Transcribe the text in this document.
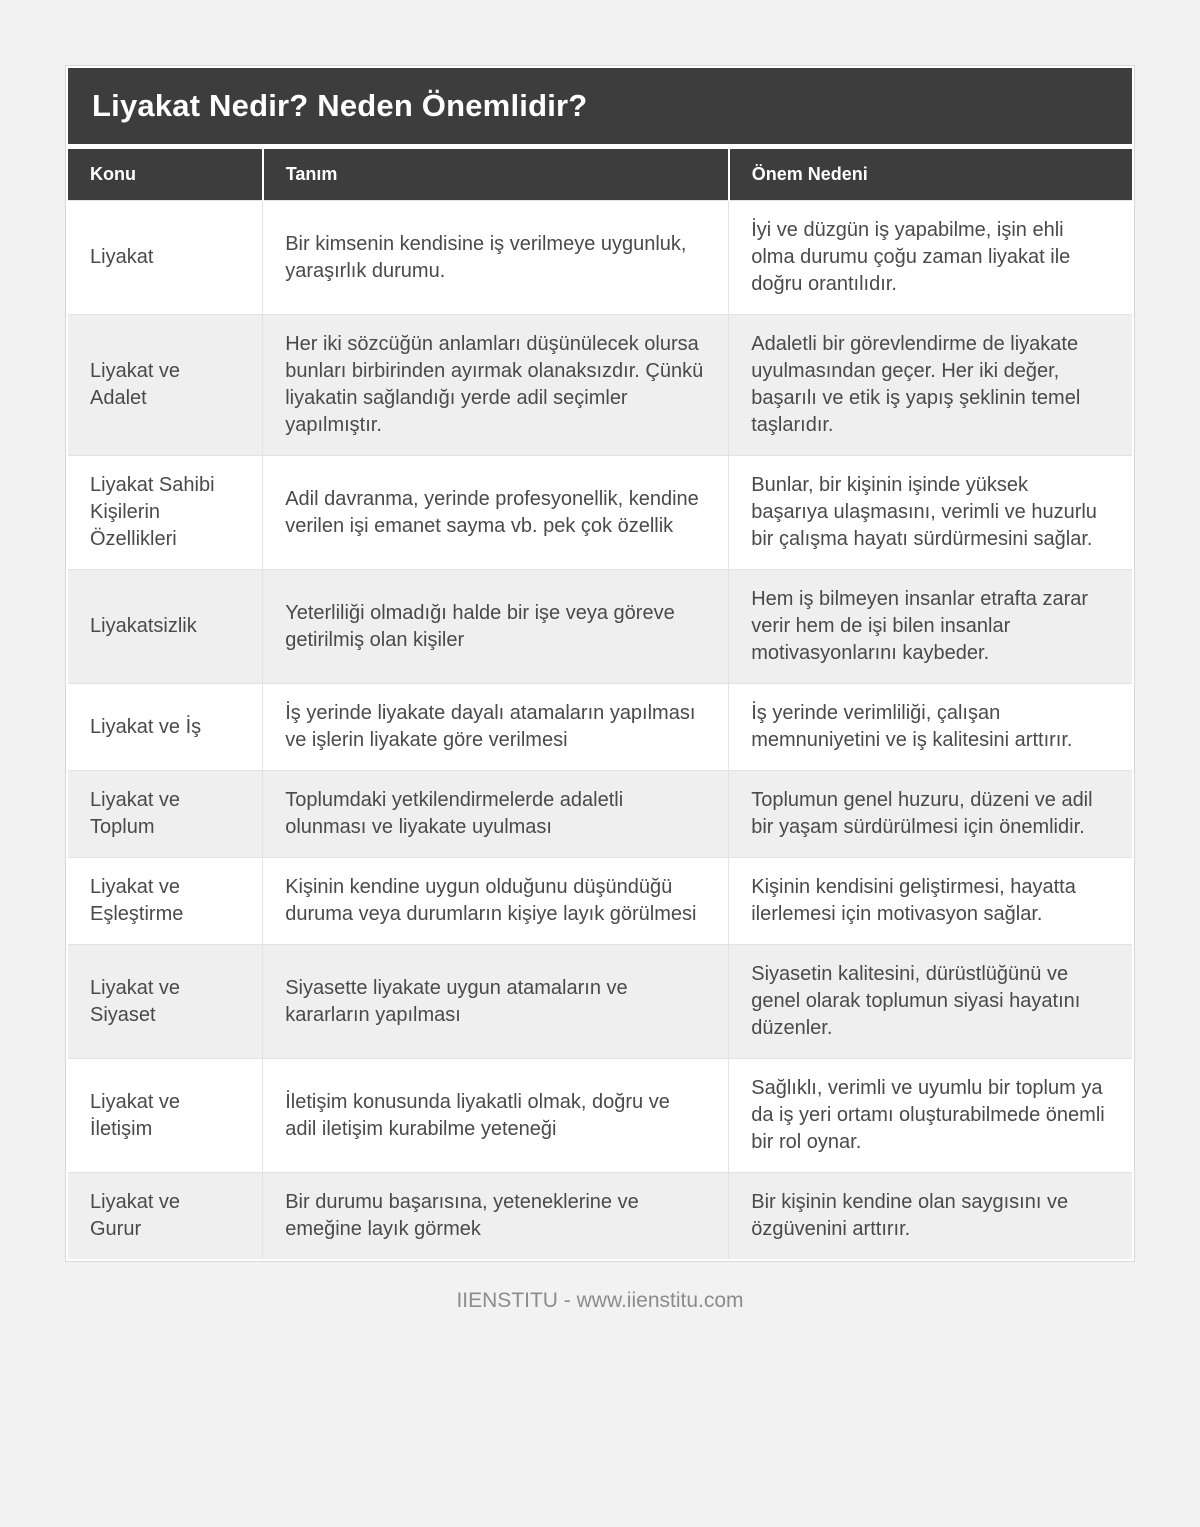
Liyakat Nedir? Neden Önemlidir?
Konu	Tanım	Önem Nedeni
Liyakat	Bir kimsenin kendisine iş verilmeye uygunluk, yaraşırlık durumu.	İyi ve düzgün iş yapabilme, işin ehli olma durumu çoğu zaman liyakat ile doğru orantılıdır.
Liyakat ve Adalet	Her iki sözcüğün anlamları düşünülecek olursa bunları birbirinden ayırmak olanaksızdır. Çünkü liyakatin sağlandığı yerde adil seçimler yapılmıştır.	Adaletli bir görevlendirme de liyakate uyulmasından geçer. Her iki değer, başarılı ve etik iş yapış şeklinin temel taşlarıdır.
Liyakat Sahibi Kişilerin Özellikleri	Adil davranma, yerinde profesyonellik, kendine verilen işi emanet sayma vb. pek çok özellik	Bunlar, bir kişinin işinde yüksek başarıya ulaşmasını, verimli ve huzurlu bir çalışma hayatı sürdürmesini sağlar.
Liyakatsizlik	Yeterliliği olmadığı halde bir işe veya göreve getirilmiş olan kişiler	Hem iş bilmeyen insanlar etrafta zarar verir hem de işi bilen insanlar motivasyonlarını kaybeder.
Liyakat ve İş	İş yerinde liyakate dayalı atamaların yapılması ve işlerin liyakate göre verilmesi	İş yerinde verimliliği, çalışan memnuniyetini ve iş kalitesini arttırır.
Liyakat ve Toplum	Toplumdaki yetkilendirmelerde adaletli olunması ve liyakate uyulması	Toplumun genel huzuru, düzeni ve adil bir yaşam sürdürülmesi için önemlidir.
Liyakat ve Eşleştirme	Kişinin kendine uygun olduğunu düşündüğü duruma veya durumların kişiye layık görülmesi	Kişinin kendisini geliştirmesi, hayatta ilerlemesi için motivasyon sağlar.
Liyakat ve Siyaset	Siyasette liyakate uygun atamaların ve kararların yapılması	Siyasetin kalitesini, dürüstlüğünü ve genel olarak toplumun siyasi hayatını düzenler.
Liyakat ve İletişim	İletişim konusunda liyakatli olmak, doğru ve adil iletişim kurabilme yeteneği	Sağlıklı, verimli ve uyumlu bir toplum ya da iş yeri ortamı oluşturabilmede önemli bir rol oynar.
Liyakat ve Gurur	Bir durumu başarısına, yeteneklerine ve emeğine layık görmek	Bir kişinin kendine olan saygısını ve özgüvenini arttırır.
IIENSTITU - www.iienstitu.com
